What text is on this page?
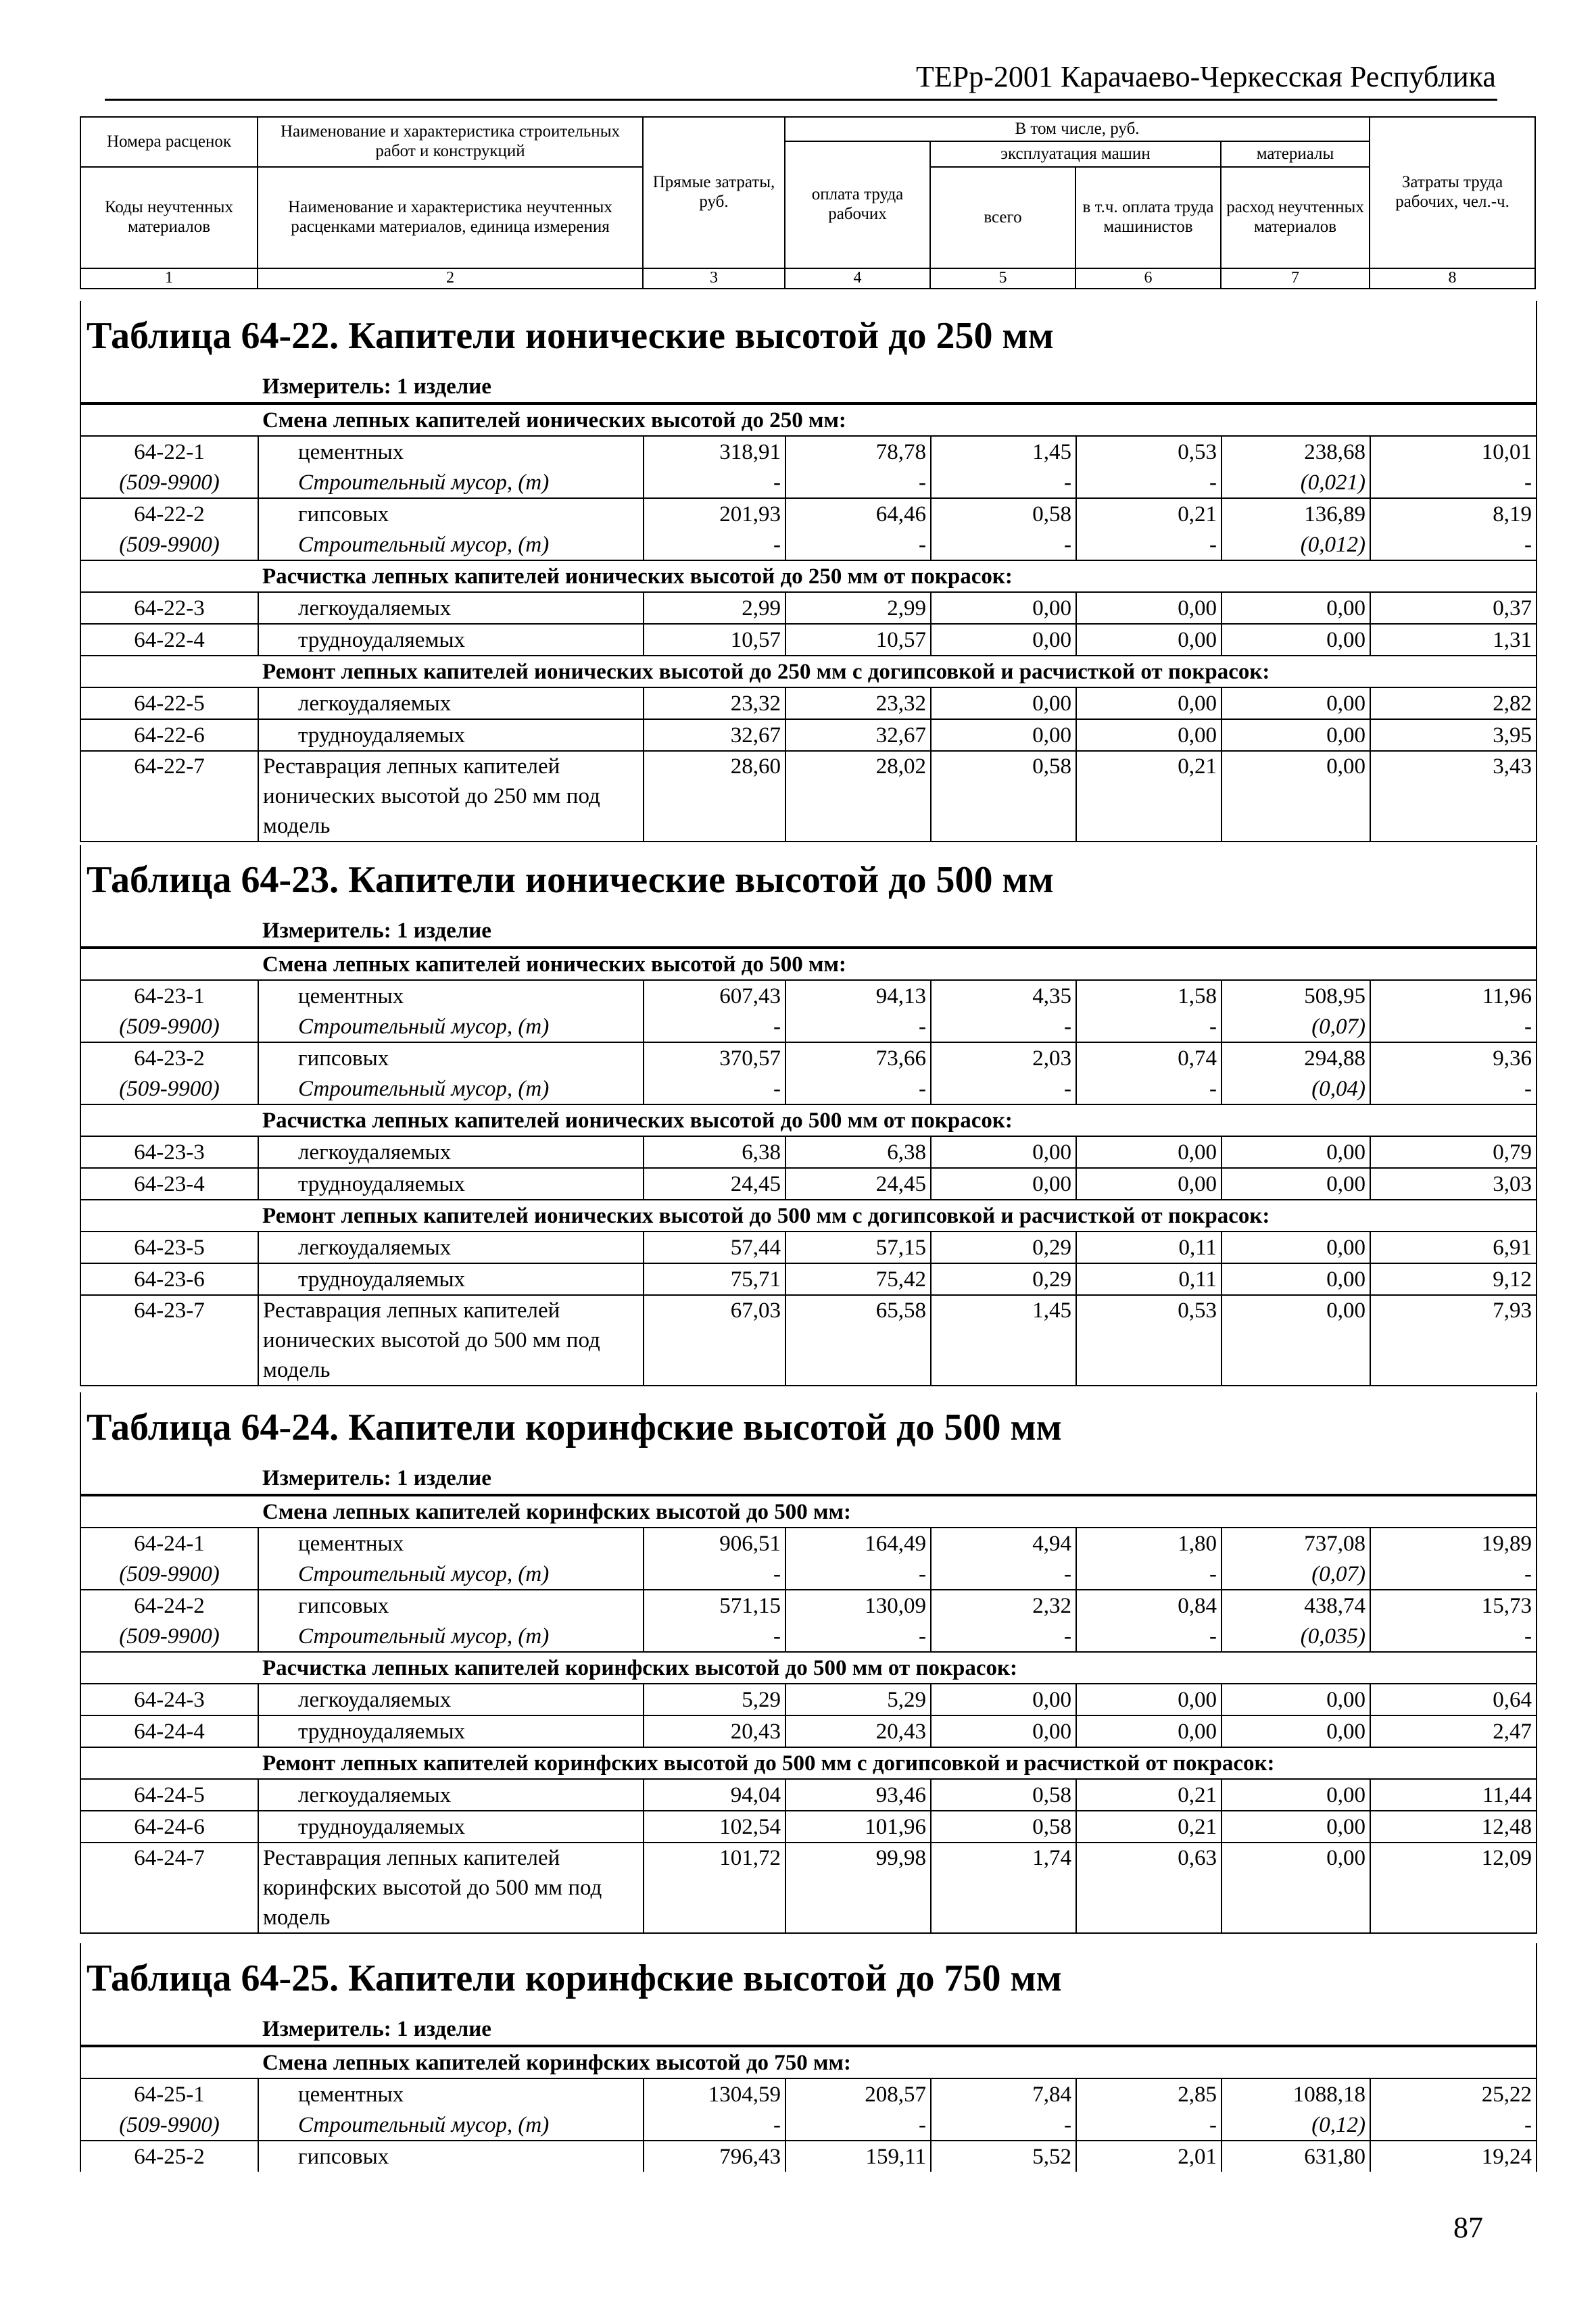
ТЕРр-2001 Карачаево-Черкесская Республика
Номера расценок	Наименование и характеристика строительных работ и конструкций	Прямые затраты, руб.	В том числе, руб.				Затраты труда рабочих, чел.-ч.
			оплата труда рабочих	эксплуатация машин		материалы	

Коды неучтенных материалов	Наименование и характеристика неучтенных расценками материалов, единица измерения			всего	в т.ч. оплата труда машинистов	расход неучтенных материалов	

1	2	3	4	5	6	7	8
Таблица 64-22. Капители ионические высотой до 250 мм
Измеритель: 1 изделие
Смена лепных капителей ионических высотой до 250 мм:							
64-22-1	цементных	318,91	78,78	1,45	0,53	238,68	10,01
(509-9900)	Строительный мусор, (т)	-	-	-	-	(0,021)	-
64-22-2	гипсовых	201,93	64,46	0,58	0,21	136,89	8,19
(509-9900)	Строительный мусор, (т)	-	-	-	-	(0,012)	-
Расчистка лепных капителей ионических высотой до 250 мм от покрасок:							
64-22-3	легкоудаляемых	2,99	2,99	0,00	0,00	0,00	0,37
64-22-4	трудноудаляемых	10,57	10,57	0,00	0,00	0,00	1,31
Ремонт лепных капителей ионических высотой до 250 мм с догипсовкой и расчисткой от покрасок:							
64-22-5	легкоудаляемых	23,32	23,32	0,00	0,00	0,00	2,82
64-22-6	трудноудаляемых	32,67	32,67	0,00	0,00	0,00	3,95
64-22-7	Реставрация лепных капителей ионических высотой до 250 мм под модель	28,60	28,02	0,58	0,21	0,00	3,43
Таблица 64-23. Капители ионические высотой до 500 мм
Измеритель: 1 изделие
Смена лепных капителей ионических высотой до 500 мм:							
64-23-1	цементных	607,43	94,13	4,35	1,58	508,95	11,96
(509-9900)	Строительный мусор, (т)	-	-	-	-	(0,07)	-
64-23-2	гипсовых	370,57	73,66	2,03	0,74	294,88	9,36
(509-9900)	Строительный мусор, (т)	-	-	-	-	(0,04)	-
Расчистка лепных капителей ионических высотой до 500 мм от покрасок:							
64-23-3	легкоудаляемых	6,38	6,38	0,00	0,00	0,00	0,79
64-23-4	трудноудаляемых	24,45	24,45	0,00	0,00	0,00	3,03
Ремонт лепных капителей ионических высотой до 500 мм с догипсовкой и расчисткой от покрасок:							
64-23-5	легкоудаляемых	57,44	57,15	0,29	0,11	0,00	6,91
64-23-6	трудноудаляемых	75,71	75,42	0,29	0,11	0,00	9,12
64-23-7	Реставрация лепных капителей ионических высотой до 500 мм под модель	67,03	65,58	1,45	0,53	0,00	7,93
Таблица 64-24. Капители коринфские высотой до 500 мм
Измеритель: 1 изделие
Смена лепных капителей коринфских высотой до 500 мм:							
64-24-1	цементных	906,51	164,49	4,94	1,80	737,08	19,89
(509-9900)	Строительный мусор, (т)	-	-	-	-	(0,07)	-
64-24-2	гипсовых	571,15	130,09	2,32	0,84	438,74	15,73
(509-9900)	Строительный мусор, (т)	-	-	-	-	(0,035)	-
Расчистка лепных капителей коринфских высотой до 500 мм от покрасок:							
64-24-3	легкоудаляемых	5,29	5,29	0,00	0,00	0,00	0,64
64-24-4	трудноудаляемых	20,43	20,43	0,00	0,00	0,00	2,47
Ремонт лепных капителей коринфских высотой до 500 мм с догипсовкой и расчисткой от покрасок:							
64-24-5	легкоудаляемых	94,04	93,46	0,58	0,21	0,00	11,44
64-24-6	трудноудаляемых	102,54	101,96	0,58	0,21	0,00	12,48
64-24-7	Реставрация лепных капителей коринфских высотой до 500 мм под модель	101,72	99,98	1,74	0,63	0,00	12,09
Таблица 64-25. Капители коринфские высотой до 750 мм
Измеритель: 1 изделие
Смена лепных капителей коринфских высотой до 750 мм:							
64-25-1	цементных	1304,59	208,57	7,84	2,85	1088,18	25,22
(509-9900)	Строительный мусор, (т)	-	-	-	-	(0,12)	-
64-25-2	гипсовых	796,43	159,11	5,52	2,01	631,80	19,24
87
